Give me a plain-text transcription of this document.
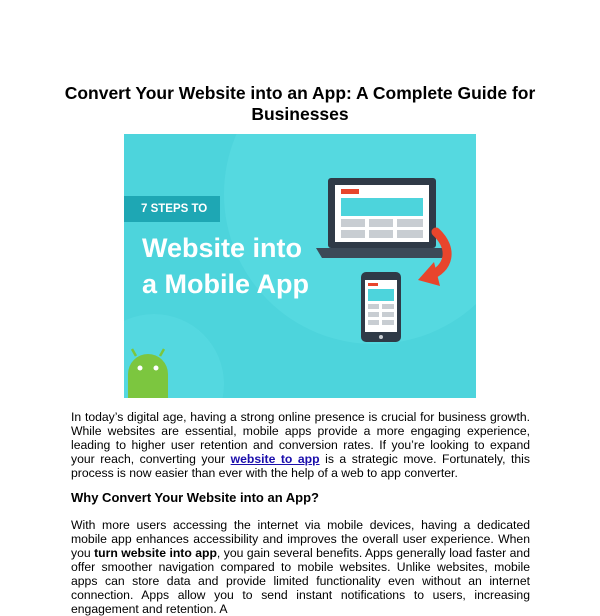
Convert Your Website into an App: A Complete Guide for Businesses
7 STEPS TO
Website into
a Mobile App
In today’s digital age, having a strong online presence is crucial for business growth. While websites are essential, mobile apps provide a more engaging experience, leading to higher user retention and conversion rates. If you’re looking to expand your reach, converting your website to app is a strategic move. Fortunately, this process is now easier than ever with the help of a web to app converter.
Why Convert Your Website into an App?
With more users accessing the internet via mobile devices, having a dedicated mobile app enhances accessibility and improves the overall user experience. When you turn website into app, you gain several benefits. Apps generally load faster and offer smoother navigation compared to mobile websites. Unlike websites, mobile apps can store data and provide limited functionality even without an internet connection. Apps allow you to send instant notifications to users, increasing engagement and retention. A
